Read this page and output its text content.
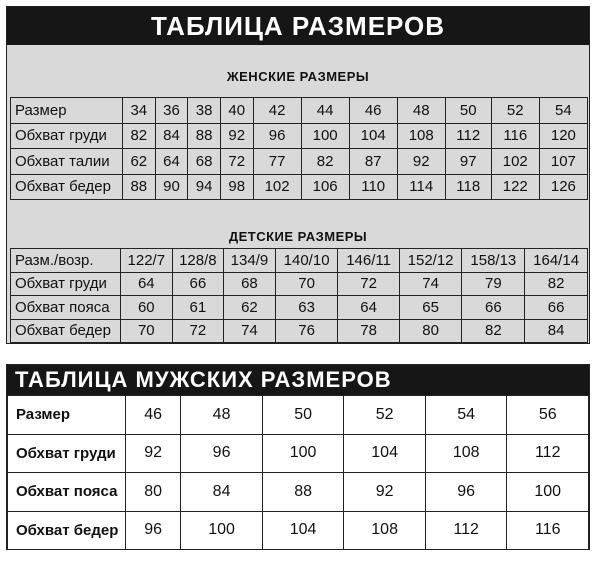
ТАБЛИЦА РАЗМЕРОВ
ЖЕНСКИЕ РАЗМЕРЫ
Размер	34	36	38	40	42	44	46	48	50	52	54
Обхват груди	82	84	88	92	96	100	104	108	112	116	120
Обхват талии	62	64	68	72	77	82	87	92	97	102	107
Обхват бедер	88	90	94	98	102	106	110	114	118	122	126
ДЕТСКИЕ РАЗМЕРЫ
Разм./возр.	122/7	128/8	134/9	140/10	146/11	152/12	158/13	164/14
Обхват груди	64	66	68	70	72	74	79	82
Обхват пояса	60	61	62	63	64	65	66	66
Обхват бедер	70	72	74	76	78	80	82	84
ТАБЛИЦА МУЖСКИХ РАЗМЕРОВ
Размер	46	48	50	52	54	56
Обхват груди	92	96	100	104	108	112
Обхват пояса	80	84	88	92	96	100
Обхват бедер	96	100	104	108	112	116
